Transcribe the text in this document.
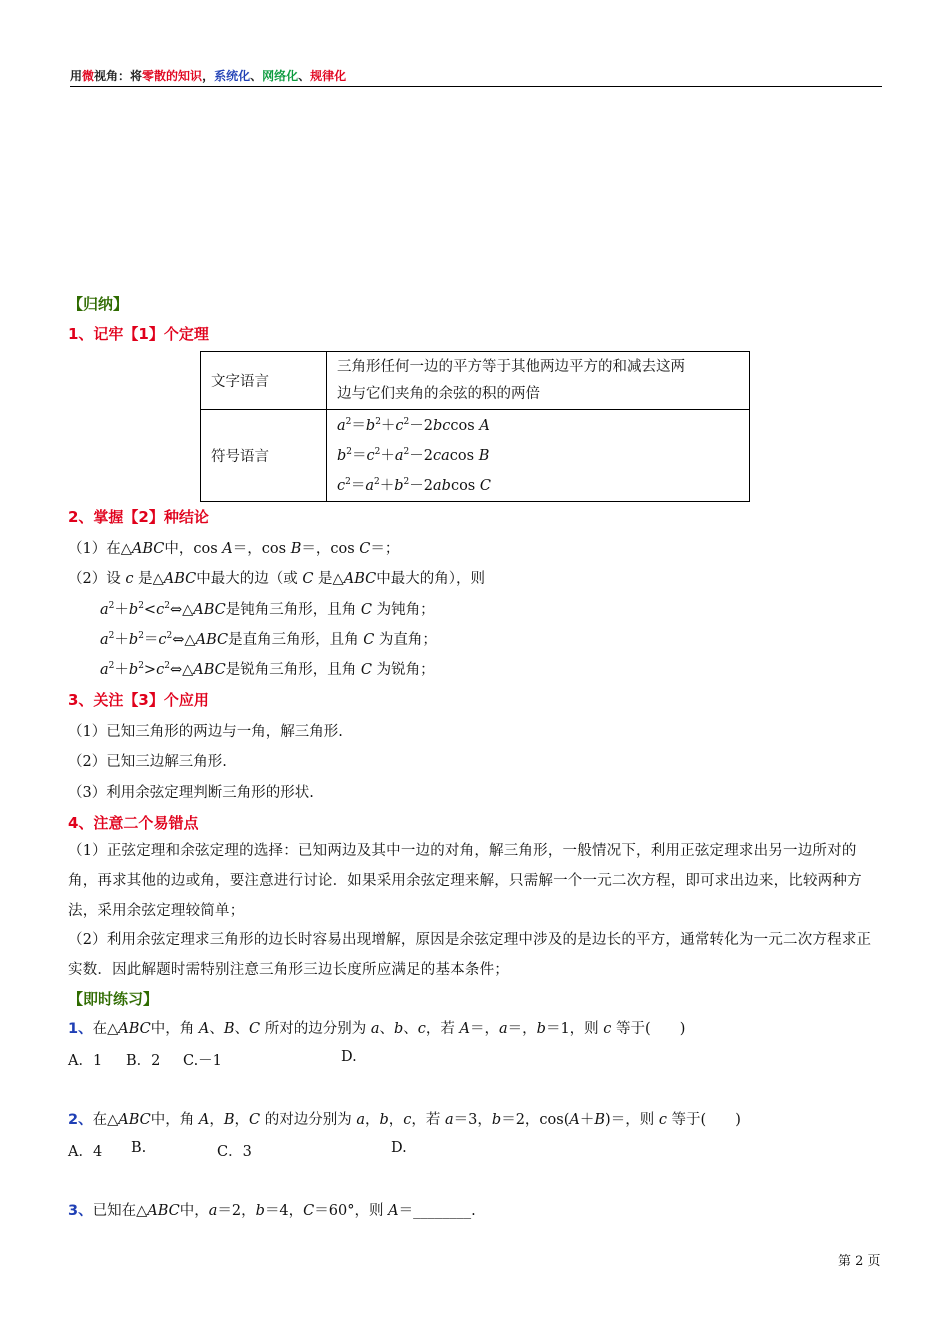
用微视角：将零散的知识，系统化、网络化、规律化
【归纳】
1、记牢【1】个定理
文字语言	三角形任何一边的平方等于其他两边平方的和减去这两
边与它们夹角的余弦的积的两倍

符号语言	$a^2=b^2+c^2-2bccos$ A
$b^2=c^2+a^2-2cacos$ B
$c^2=a^2+b^2-2abcos$ C
2、掌握【2】种结论
（1）在△ABC中，cos A＝，cos B＝，cos C＝；
（2）设 c 是△ABC中最大的边（或 C 是△ABC中最大的角），则
$a^2+b^2<c^2\Leftrightarrow\triangle ABC$是钝角三角形，且角 C 为钝角；
$a^2+b^2=c^2\Leftrightarrow\triangle ABC$是直角三角形，且角 C 为直角；
$a^2+b^2>c^2\Leftrightarrow\triangle ABC$是锐角三角形，且角 C 为锐角；
3、关注【3】个应用
（1）已知三角形的两边与一角，解三角形.
（2）已知三边解三角形.
（3）利用余弦定理判断三角形的形状.
4、注意二个易错点
（1）正弦定理和余弦定理的选择：已知两边及其中一边的对角，解三角形，一般情况下，利用正弦定理求出另一边所对的角，再求其他的边或角，要注意进行讨论．如果采用余弦定理来解，只需解一个一元二次方程，即可求出边来，比较两种方法，采用余弦定理较简单；
（2）利用余弦定理求三角形的边长时容易出现增解，原因是余弦定理中涉及的是边长的平方，通常转化为一元二次方程求正实数．因此解题时需特别注意三角形三边长度所应满足的基本条件；
【即时练习】
1、在△ABC中，角 A、B、C 所对的边分别为 a、b、c，若 A＝，a＝，b＝1，则 c 等于(　　)
A．1 B．2 C.－1	D.
2、在△ABC中，角 A，B，C 的对边分别为 a，b，c，若 a＝3，b＝2，cos(A＋B)＝，则 c 等于(　　)
A．4 B.	C．3	D.
3、已知在△ABC中，a＝2，b＝4，C＝60°，则 A＝________.
第 2 页
